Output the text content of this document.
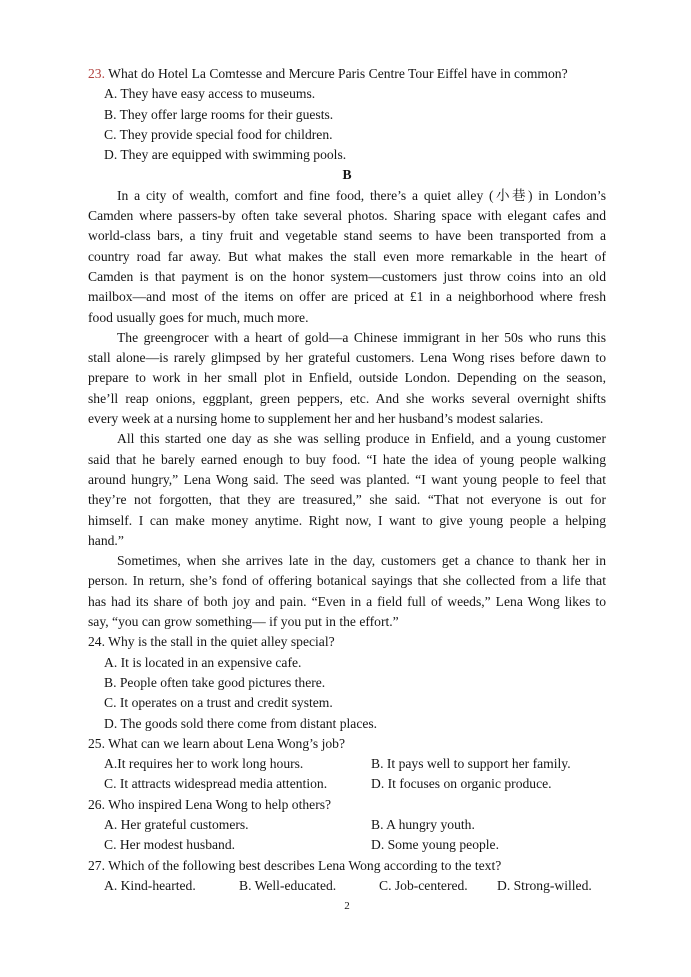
23. What do Hotel La Comtesse and Mercure Paris Centre Tour Eiffel have in common?
A. They have easy access to museums.
B. They offer large rooms for their guests.
C. They provide special food for children.
D. They are equipped with swimming pools.
B
In a city of wealth, comfort and fine food, there’s a quiet alley (小巷) in London’s
Camden where passers-by often take several photos. Sharing space with elegant cafes and
world-class bars, a tiny fruit and vegetable stand seems to have been transported from a
country road far away. But what makes the stall even more remarkable in the heart of
Camden is that payment is on the honor system—customers just throw coins into an old
mailbox—and most of the items on offer are priced at £1 in a neighborhood where fresh
food usually goes for much, much more.
The greengrocer with a heart of gold—a Chinese immigrant in her 50s who runs this
stall alone—is rarely glimpsed by her grateful customers. Lena Wong rises before dawn to
prepare to work in her small plot in Enfield, outside London. Depending on the season,
she’ll reap onions, eggplant, green peppers, etc. And she works several overnight shifts
every week at a nursing home to supplement her and her husband’s modest salaries.
All this started one day as she was selling produce in Enfield, and a young customer
said that he barely earned enough to buy food. “I hate the idea of young people walking
around hungry,” Lena Wong said. The seed was planted. “I want young people to feel that
they’re not forgotten, that they are treasured,” she said. “That not everyone is out for
himself. I can make money anytime. Right now, I want to give young people a helping
hand.”
Sometimes, when she arrives late in the day, customers get a chance to thank her in
person. In return, she’s fond of offering botanical sayings that she collected from a life that
has had its share of both joy and pain. “Even in a field full of weeds,” Lena Wong likes to
say, “you can grow something— if you put in the effort.”
24. Why is the stall in the quiet alley special?
A. It is located in an expensive cafe.
B. People often take good pictures there.
C. It operates on a trust and credit system.
D. The goods sold there come from distant places.
25. What can we learn about Lena Wong’s job?
A.It requires her to work long hours.	B. It pays well to support her family.
C. It attracts widespread media attention.	D. It focuses on organic produce.
26. Who inspired Lena Wong to help others?
A. Her grateful customers.	B. A hungry youth.
C. Her modest husband.	D. Some young people.
27. Which of the following best describes Lena Wong according to the text?
A. Kind-hearted.	B. Well-educated.	C. Job-centered.	D. Strong-willed.
2
